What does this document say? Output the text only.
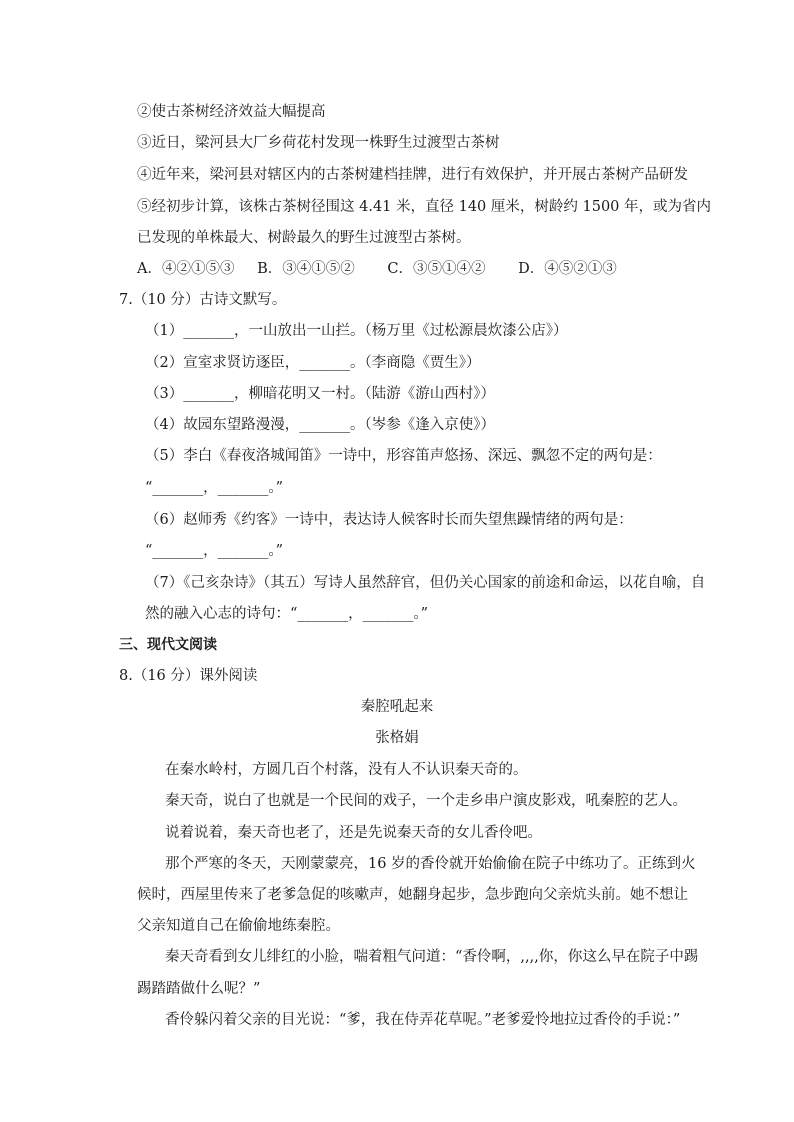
②使古茶树经济效益大幅提高
③近日，梁河县大厂乡荷花村发现一株野生过渡型古茶树
④近年来，梁河县对辖区内的古茶树建档挂牌，进行有效保护，并开展古茶树产品研发
⑤经初步计算，该株古茶树径围这 4.41 米，直径 140 厘米，树龄约 1500 年，或为省内
已发现的单株最大、树龄最久的野生过渡型古茶树。
A．④②①⑤③ B．③④①⑤② C．③⑤①④② D．④⑤②①③
7.（10 分）古诗文默写。
（1）_______，一山放出一山拦。（杨万里《过松源晨炊漆公店》）
（2）宣室求贤访逐臣，_______。（李商隐《贾生》）
（3）_______，柳暗花明又一村。（陆游《游山西村》）
（4）故园东望路漫漫，_______。（岑参《逢入京使》）
（5）李白《春夜洛城闻笛》一诗中，形容笛声悠扬、深远、飘忽不定的两句是：
“_______，_______。”
（6）赵师秀《约客》一诗中，表达诗人候客时长而失望焦躁情绪的两句是：
“_______，_______。”
（7）《己亥杂诗》（其五）写诗人虽然辞官，但仍关心国家的前途和命运，以花自喻，自
然的融入心志的诗句：“_______，_______。”
三、现代文阅读
8.（16 分）课外阅读
秦腔吼起来
张格娟
在秦水岭村，方圆几百个村落，没有人不认识秦天奇的。
秦天奇，说白了也就是一个民间的戏子，一个走乡串户演皮影戏，吼秦腔的艺人。
说着说着，秦天奇也老了，还是先说秦天奇的女儿香伶吧。
那个严寒的冬天，天刚蒙蒙亮，16 岁的香伶就开始偷偷在院子中练功了。正练到火
候时，西屋里传来了老爹急促的咳嗽声，她翻身起步，急步跑向父亲炕头前。她不想让
父亲知道自己在偷偷地练秦腔。
秦天奇看到女儿绯红的小脸，喘着粗气问道：“香伶啊，,,,,你，你这么早在院子中踢
踢踏踏做什么呢？”
香伶躲闪着父亲的目光说：“爹，我在侍弄花草呢。”老爹爱怜地拉过香伶的手说：”
